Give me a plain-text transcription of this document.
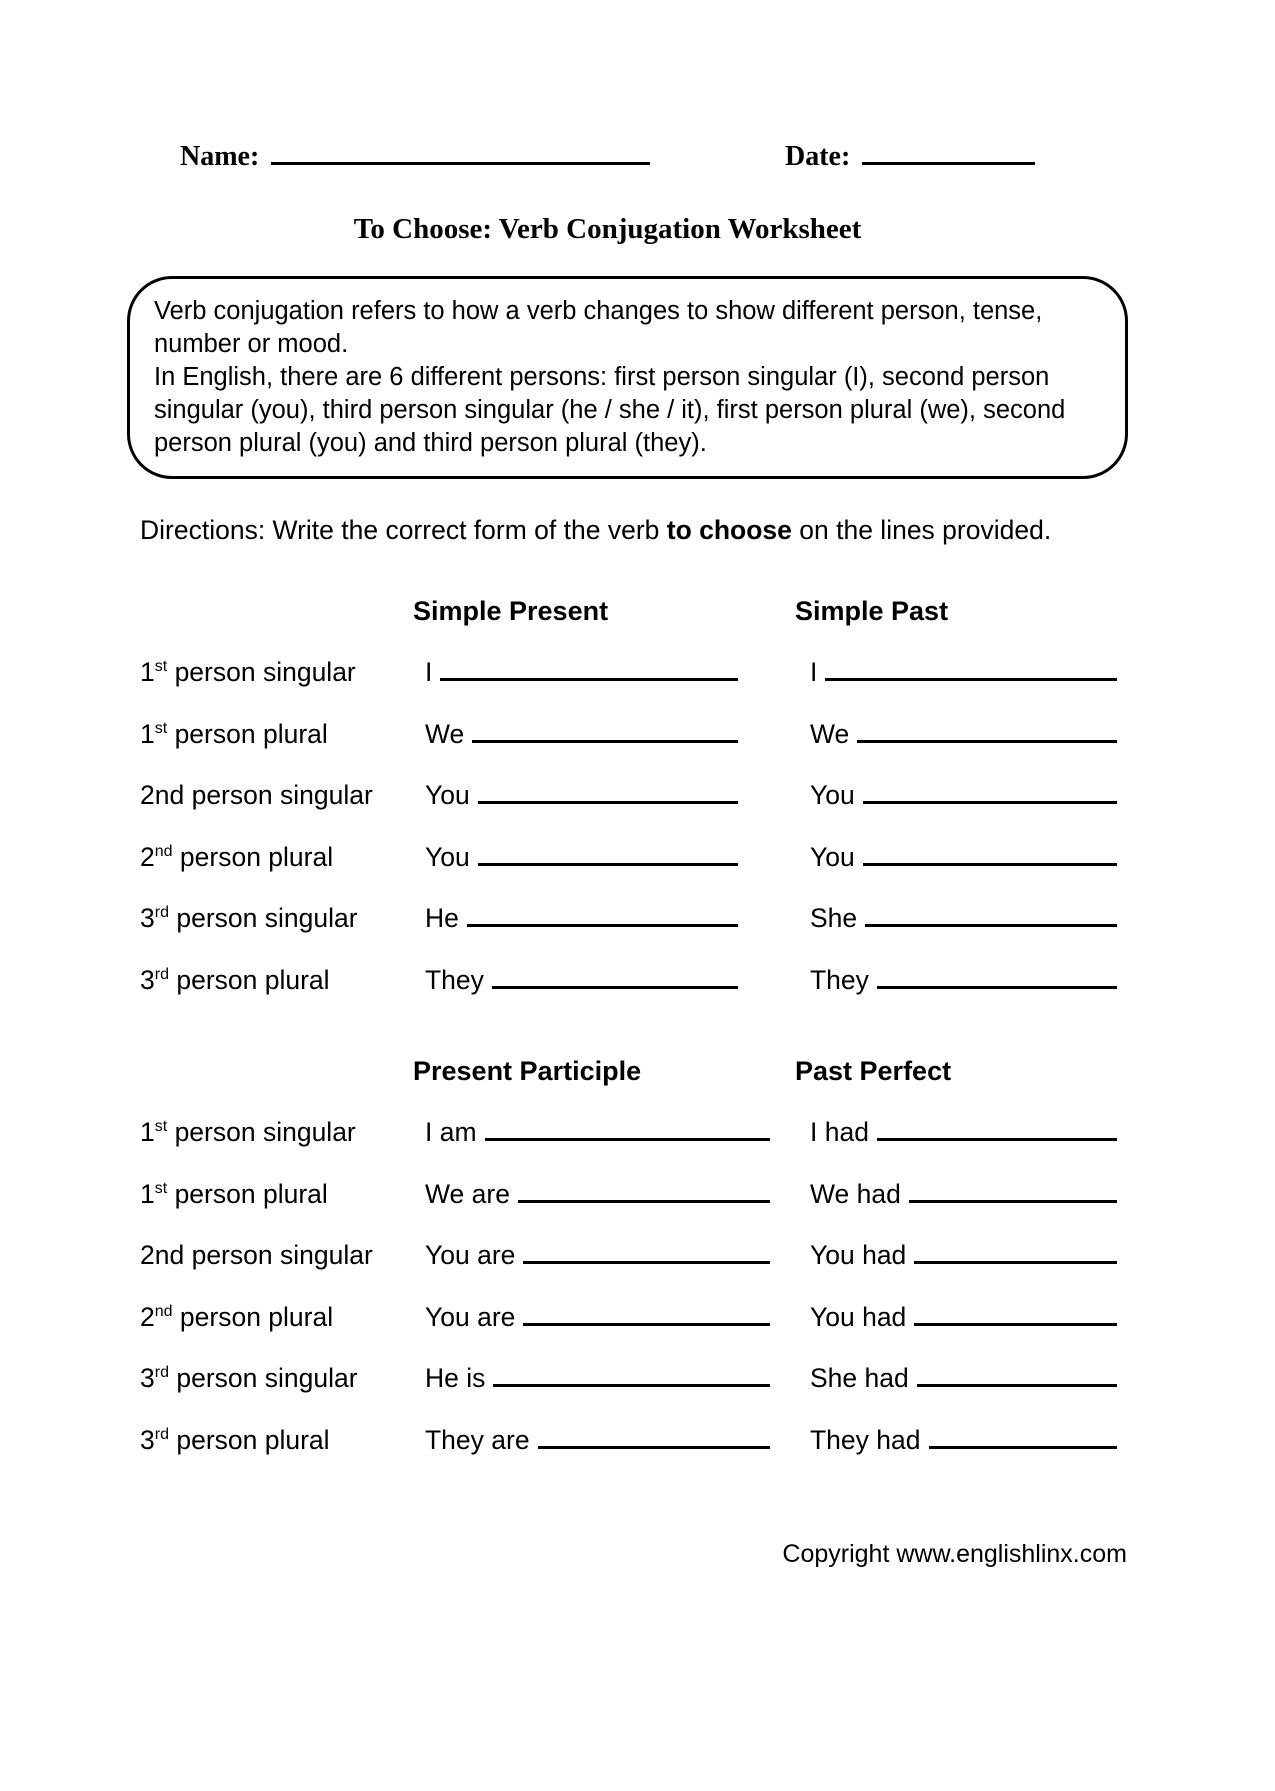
Name:	Date:
To Choose: Verb Conjugation Worksheet

Verb conjugation refers to how a verb changes to show different person, tense, number or mood.

In English, there are 6 different persons: first person singular (I), second person singular (you), third person singular (he / she / it), first person plural (we), second person plural (you) and third person plural (they).

Directions: Write the correct form of the verb to choose on the lines provided.

Simple Present	Simple Past
1st person singular	I	I
1st person plural	We	We
2nd person singular	You	You
2nd person plural	You	You
3rd person singular	He	She
3rd person plural	They	They
Present Participle	Past Perfect
1st person singular	I am	I had
1st person plural	We are	We had
2nd person singular	You are	You had
2nd person plural	You are	You had
3rd person singular	He is	She had
3rd person plural	They are	They had
Copyright www.englishlinx.com
